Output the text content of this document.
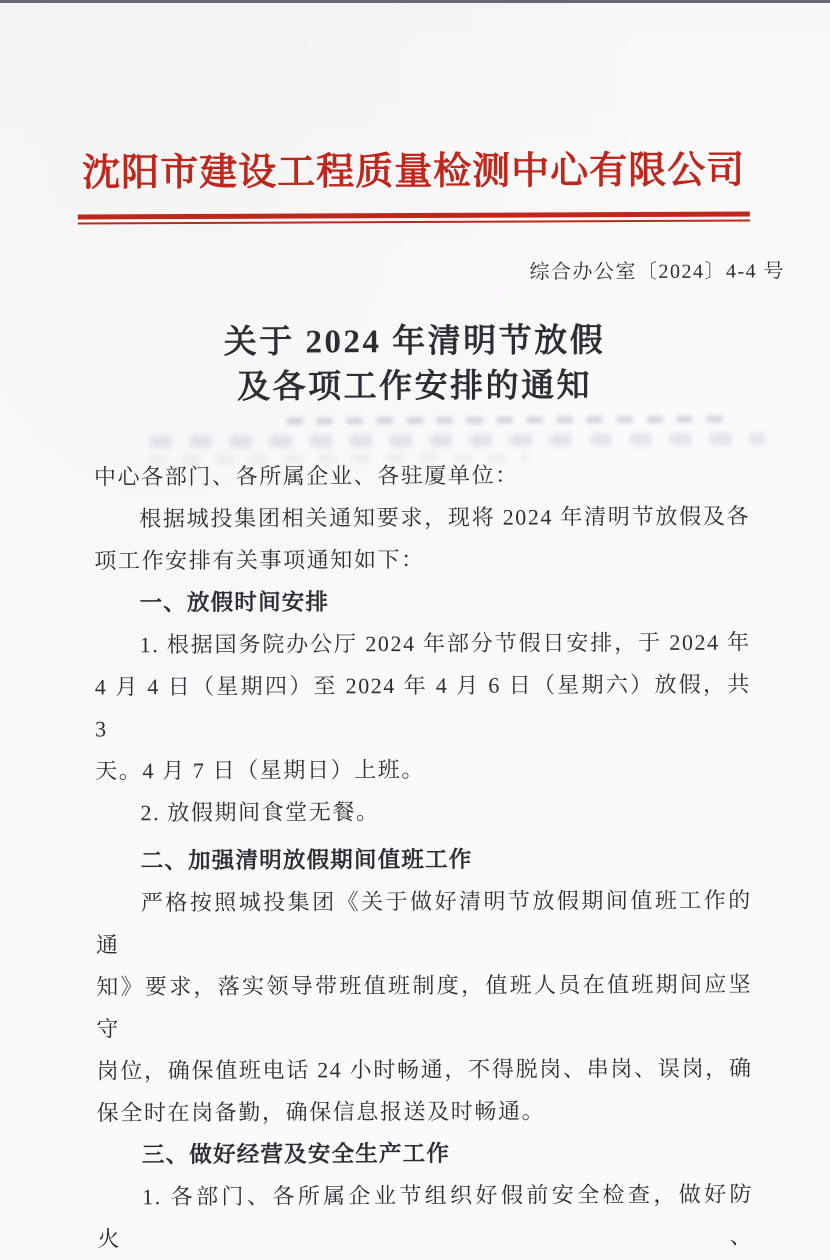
沈阳市建设工程质量检测中心有限公司
综合办公室〔2024〕4-4 号
关于 2024 年清明节放假
及各项工作安排的通知
中心各部门、各所属企业、各驻厦单位：
根据城投集团相关通知要求，现将 2024 年清明节放假及各
项工作安排有关事项通知如下：
一、放假时间安排
1. 根据国务院办公厅 2024 年部分节假日安排，于 2024 年
4 月 4 日（星期四）至 2024 年 4 月 6 日（星期六）放假，共 3
天。4 月 7 日（星期日）上班。
2. 放假期间食堂无餐。
二、加强清明放假期间值班工作
严格按照城投集团《关于做好清明节放假期间值班工作的通
知》要求，落实领导带班值班制度，值班人员在值班期间应坚守
岗位，确保值班电话 24 小时畅通，不得脱岗、串岗、误岗，确
保全时在岗备勤，确保信息报送及时畅通。
三、做好经营及安全生产工作
1. 各部门、各所属企业节组织好假前安全检查，做好防火、
